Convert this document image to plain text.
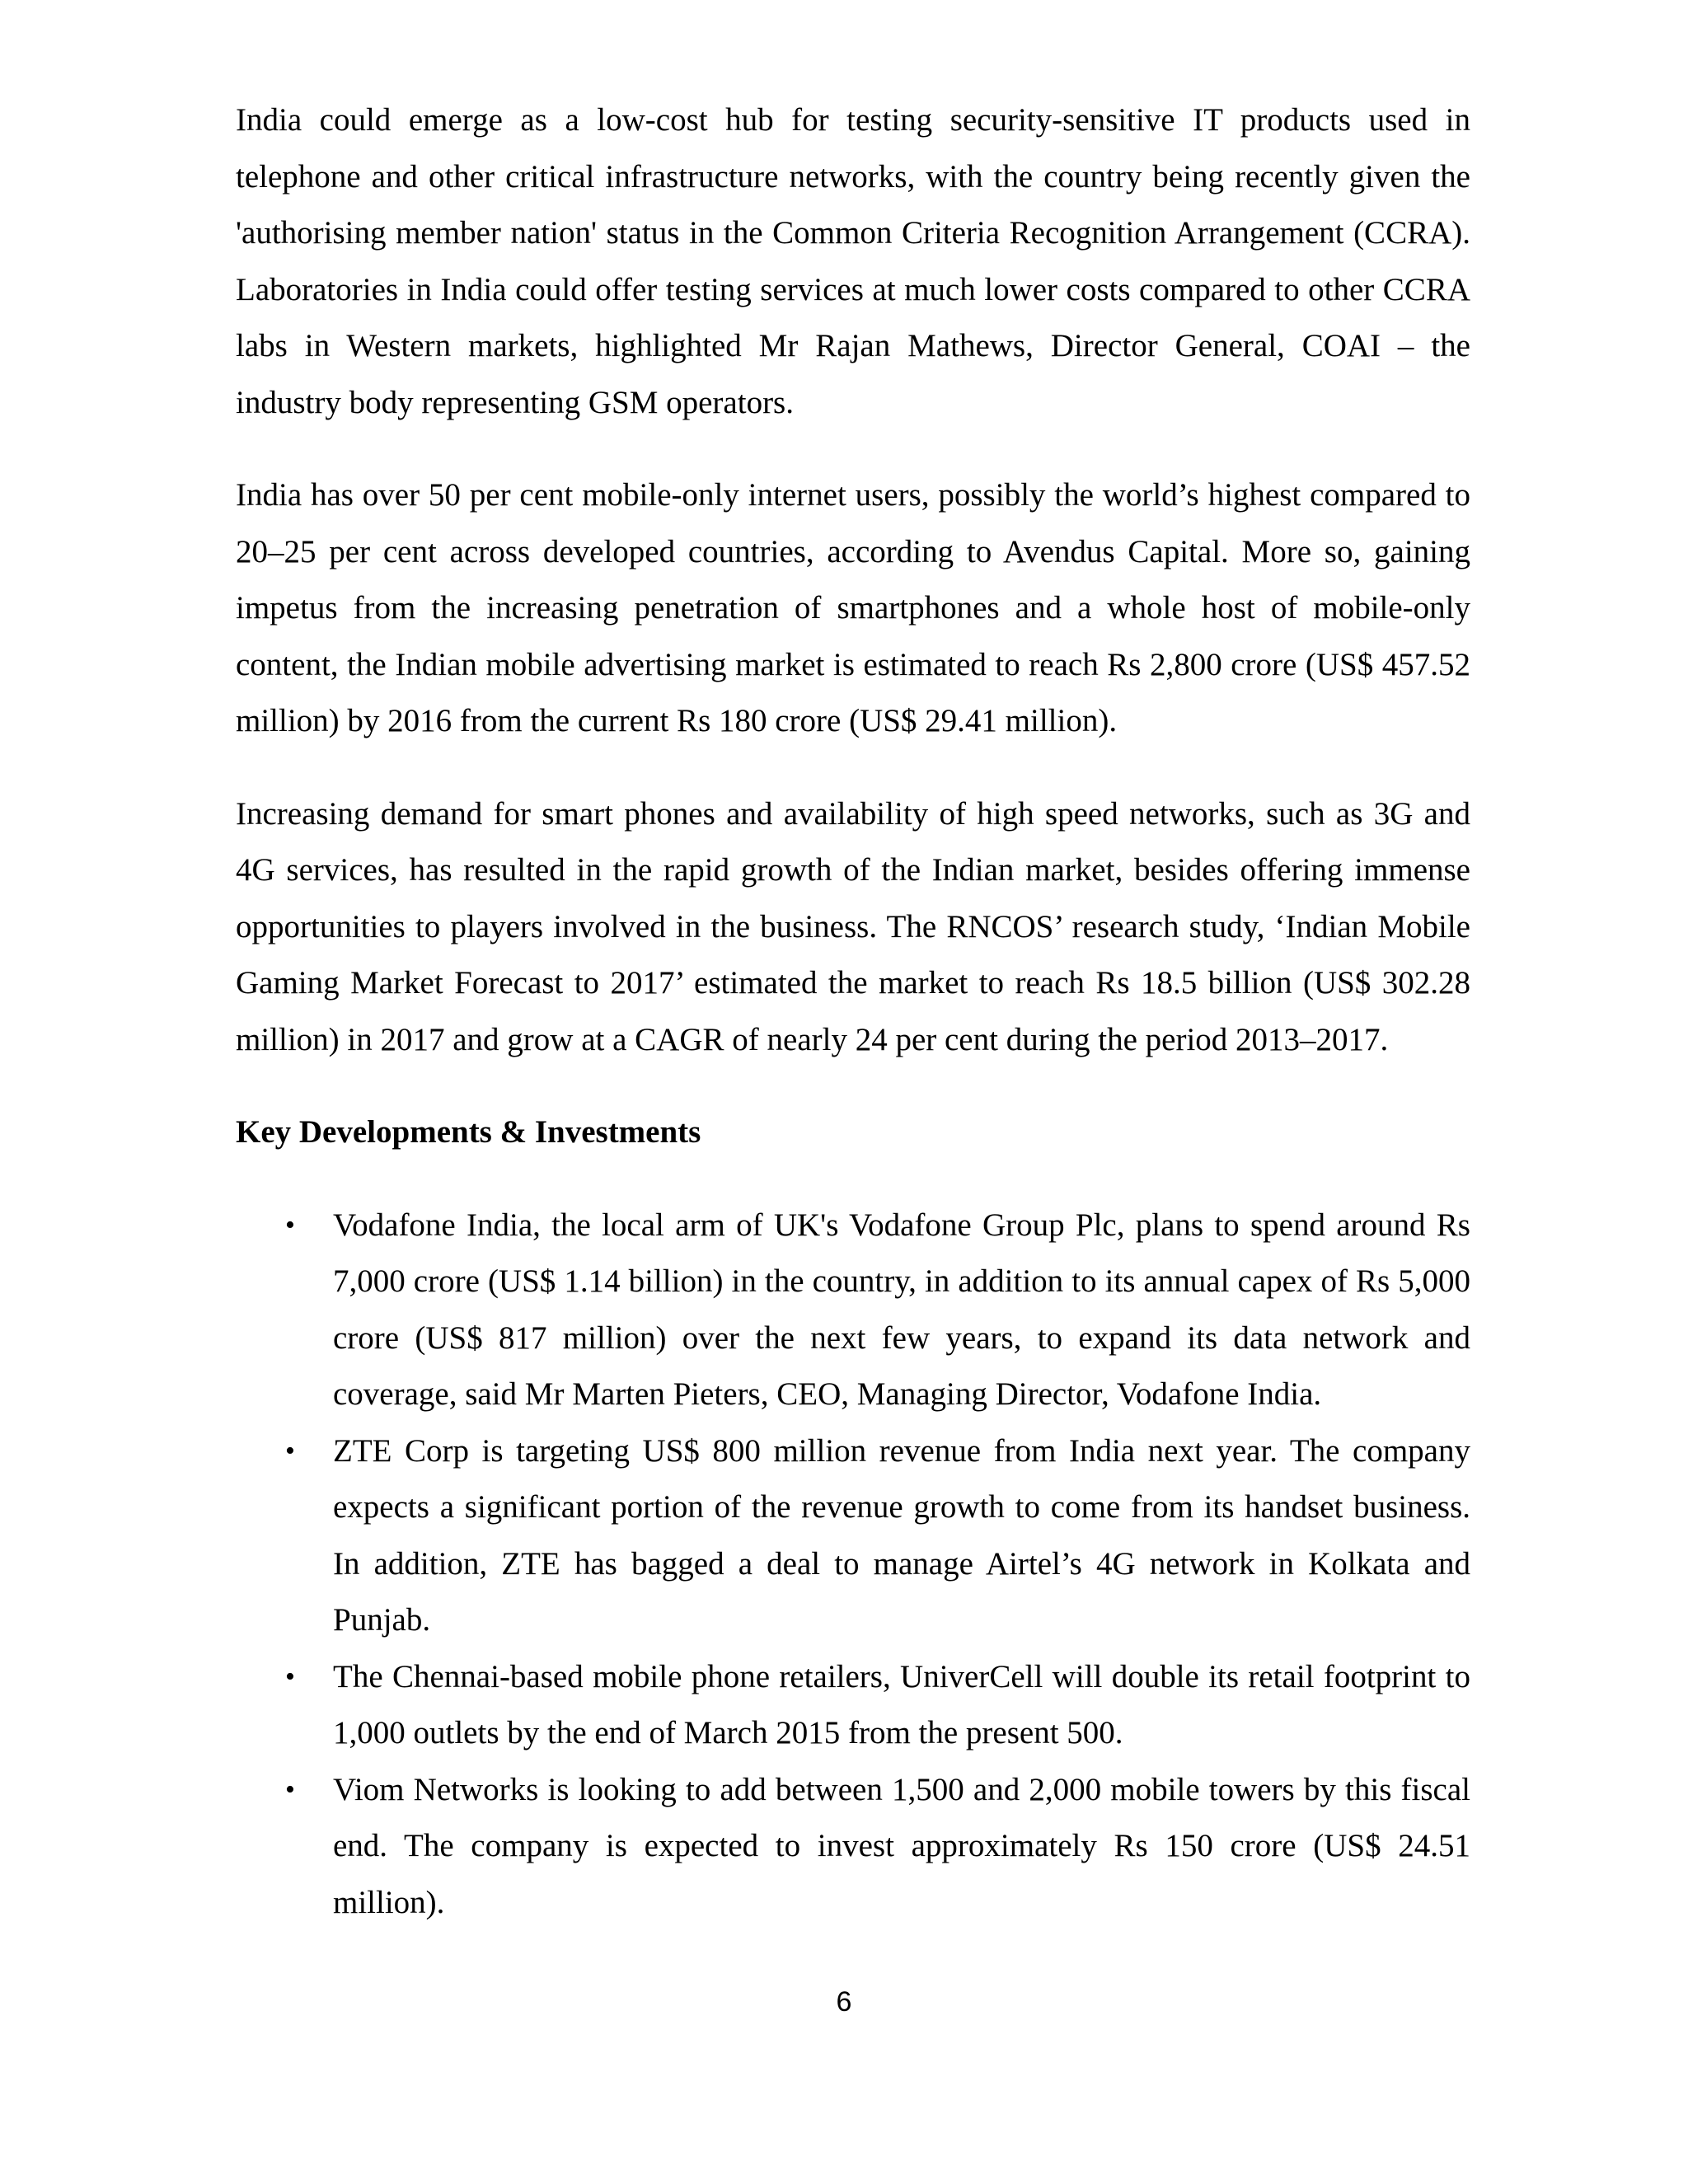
India could emerge as a low-cost hub for testing security-sensitive IT products used in telephone and other critical infrastructure networks, with the country being recently given the 'authorising member nation' status in the Common Criteria Recognition Arrangement (CCRA). Laboratories in India could offer testing services at much lower costs compared to other CCRA labs in Western markets, highlighted Mr Rajan Mathews, Director General, COAI – the industry body representing GSM operators.

India has over 50 per cent mobile-only internet users, possibly the world’s highest compared to 20–25 per cent across developed countries, according to Avendus Capital. More so, gaining impetus from the increasing penetration of smartphones and a whole host of mobile-only content, the Indian mobile advertising market is estimated to reach Rs 2,800 crore (US$ 457.52 million) by 2016 from the current Rs 180 crore (US$ 29.41 million).

Increasing demand for smart phones and availability of high speed networks, such as 3G and 4G services, has resulted in the rapid growth of the Indian market, besides offering immense opportunities to players involved in the business. The RNCOS’ research study, ‘Indian Mobile Gaming Market Forecast to 2017’ estimated the market to reach Rs 18.5 billion (US$ 302.28 million) in 2017 and grow at a CAGR of nearly 24 per cent during the period 2013–2017.

Key Developments & Investments
• Vodafone India, the local arm of UK's Vodafone Group Plc, plans to spend around Rs 7,000 crore (US$ 1.14 billion) in the country, in addition to its annual capex of Rs 5,000 crore (US$ 817 million) over the next few years, to expand its data network and coverage, said Mr Marten Pieters, CEO, Managing Director, Vodafone India.
• ZTE Corp is targeting US$ 800 million revenue from India next year. The company expects a significant portion of the revenue growth to come from its handset business. In addition, ZTE has bagged a deal to manage Airtel’s 4G network in Kolkata and Punjab.
• The Chennai-based mobile phone retailers, UniverCell will double its retail footprint to 1,000 outlets by the end of March 2015 from the present 500.
• Viom Networks is looking to add between 1,500 and 2,000 mobile towers by this fiscal end. The company is expected to invest approximately Rs 150 crore (US$ 24.51 million).
6
